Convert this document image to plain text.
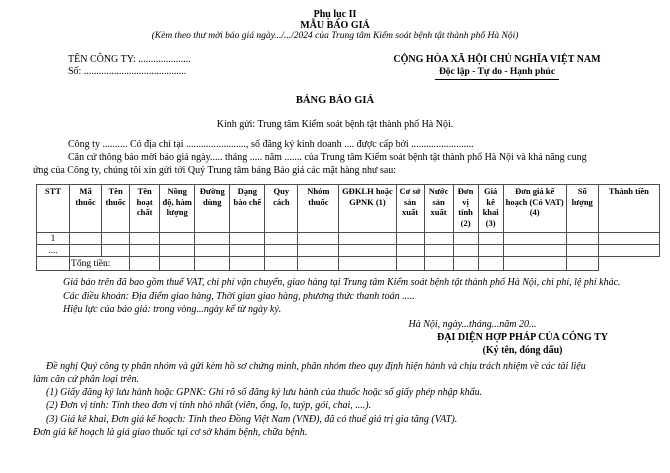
Phụ lục II
MẪU BÁO GIÁ
(Kèm theo thư mời báo giá ngày.../.../2024 của Trung tâm Kiểm soát bệnh tật thành phố Hà Nội)
TÊN CÔNG TY: .....................
Số: .........................................
CỘNG HÒA XÃ HỘI CHỦ NGHĨA VIỆT NAM
Độc lập - Tự do - Hạnh phúc
BẢNG BÁO GIÁ
Kính gửi: Trung tâm Kiểm soát bệnh tật thành phố Hà Nội.
Công ty .......... Có địa chỉ tại ........................, số đăng ký kinh doanh .... được cấp bởi .........................
Căn cứ thông báo mời báo giá ngày..... tháng ..... năm ....... của Trung tâm Kiểm soát bệnh tật thành phố Hà Nội và khả năng cung
ứng của Công ty, chúng tôi xin gửi tới Quý Trung tâm bảng Báo giá các mặt hàng như sau:
STT	Mã thuốc	Tên thuốc	Tên hoạt chất	Nồng độ, hàm lượng	Đường dùng	Dạng bào chế	Quy cách	Nhóm thuốc	GĐKLH hoặc GPNK (1)	Cơ sở sản xuất	Nước sản xuất	Đơn vị tính (2)	Giá kê khai (3)	Đơn giá kế hoạch (Có VAT) (4)	Số lượng	Thành tiền
1																
....																
	Tổng tiền:															
Giá báo trên đã bao gồm thuế VAT, chi phí vận chuyển, giao hàng tại Trung tâm Kiểm soát bệnh tật thành phố Hà Nội, chi phí, lệ phí khác.
Các điều khoản: Địa điểm giao hàng, Thời gian giao hàng, phương thức thanh toán .....
Hiệu lực của báo giá: trong vòng...ngày kể từ ngày ký.
Hà Nội, ngày...tháng...năm 20...
ĐẠI DIỆN HỢP PHÁP CỦA CÔNG TY
(Ký tên, đóng dấu)
Đề nghị Quý công ty phân nhóm và gửi kèm hồ sơ chứng minh, phân nhóm theo quy định hiện hành và chịu trách nhiệm về các tài liệu
làm căn cứ phân loại trên.
(1) Giấy đăng ký lưu hành hoặc GPNK: Ghi rõ số đăng ký lưu hành của thuốc hoặc số giấy phép nhập khẩu.
(2) Đơn vị tính: Tính theo đơn vị tính nhỏ nhất (viên, ống, lọ, tuýp, gói, chai, ....).
(3) Giá kê khai, Đơn giá kế hoạch: Tính theo Đồng Việt Nam (VNĐ), đã có thuế giá trị gia tăng (VAT).
Đơn giá kế hoạch là giá giao thuốc tại cơ sở khám bệnh, chữa bệnh.
